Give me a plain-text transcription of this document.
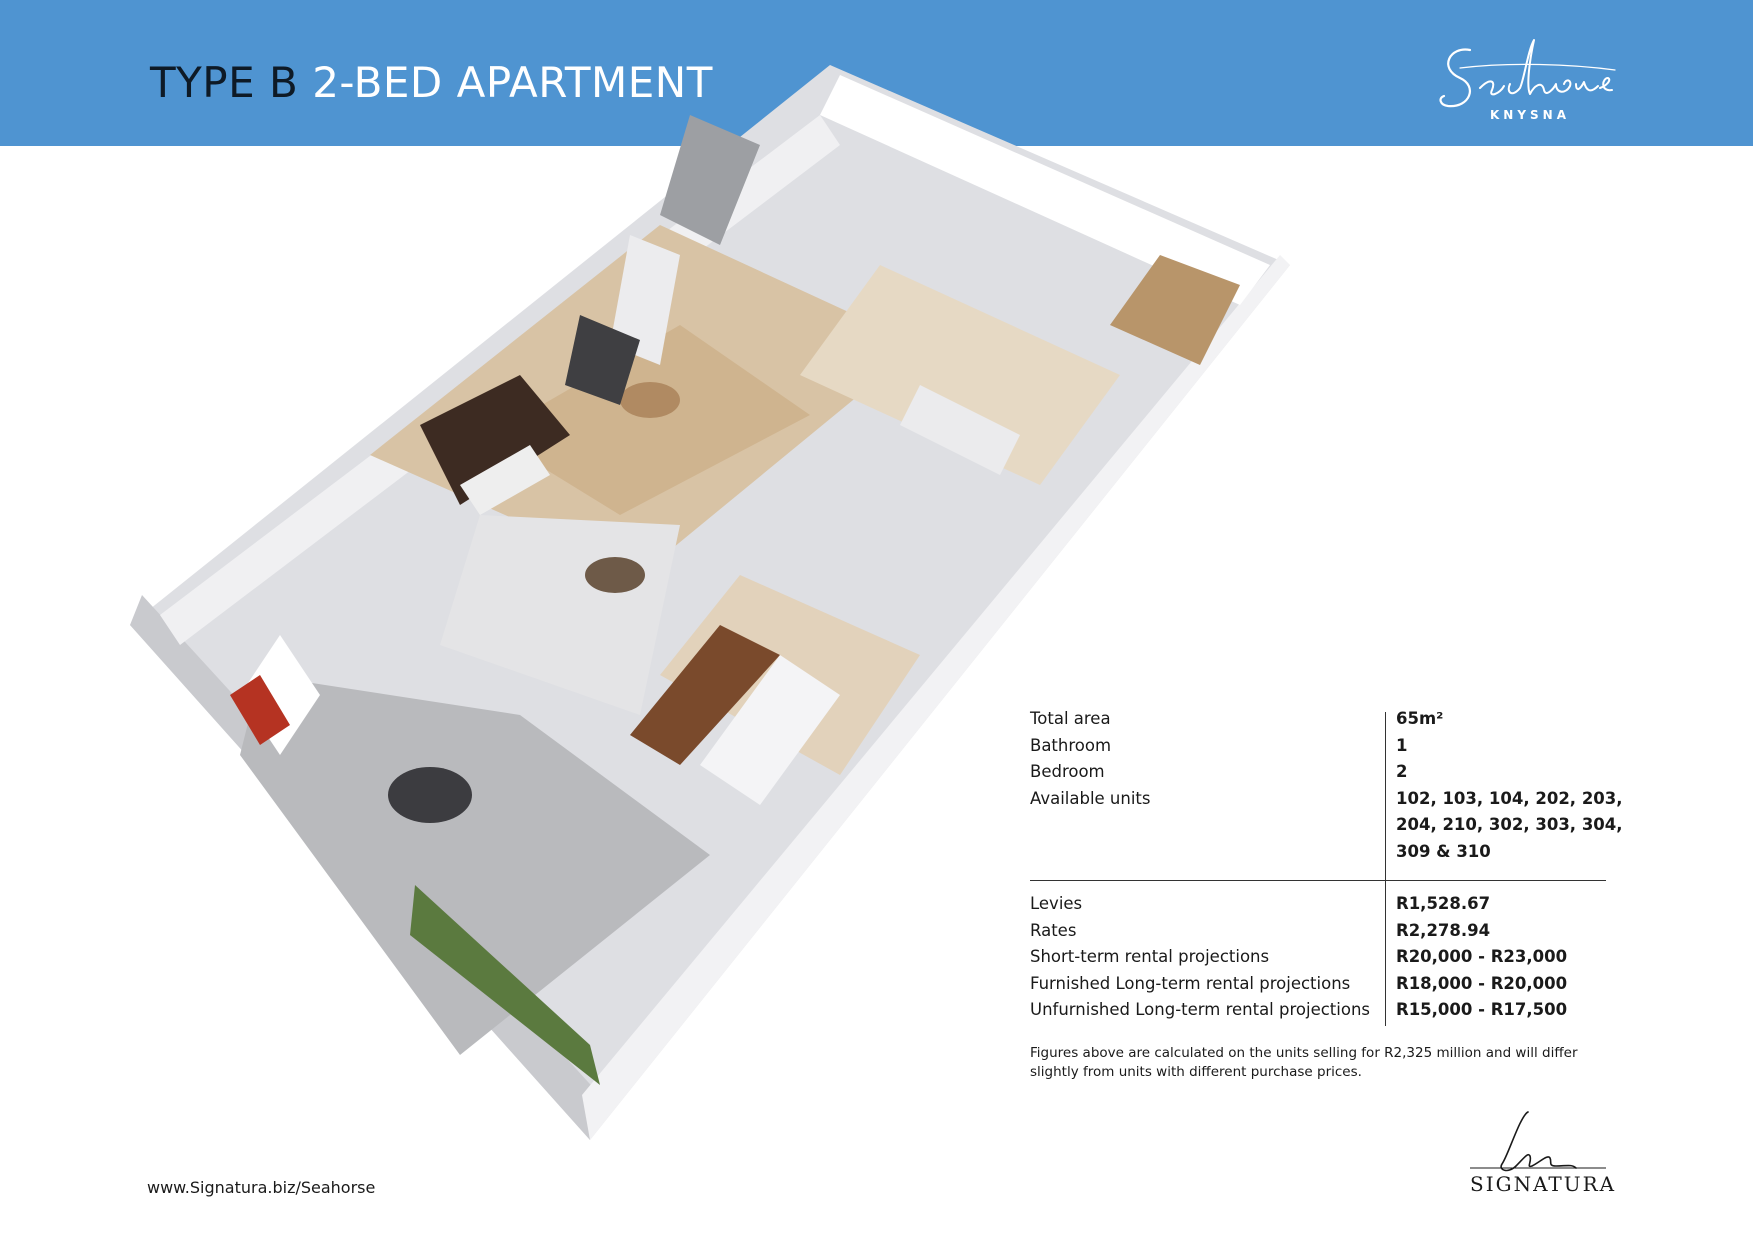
TYPE B 2-BED APARTMENT
KNYSNA
Total area	65m²
Bathroom	1
Bedroom	2
Available units	102, 103, 104, 202, 203,
204, 210, 302, 303, 304,
309 & 310
Levies	R1,528.67
Rates	R2,278.94
Short-term rental projections	R20,000 - R23,000
Furnished Long-term rental projections	R18,000 - R20,000
Unfurnished Long-term rental projections R15,000 - R17,500
Figures above are calculated on the units selling for R2,325 million and will differ slightly from units with different purchase prices.
www.Signatura.biz/Seahorse	SIGNATURA
